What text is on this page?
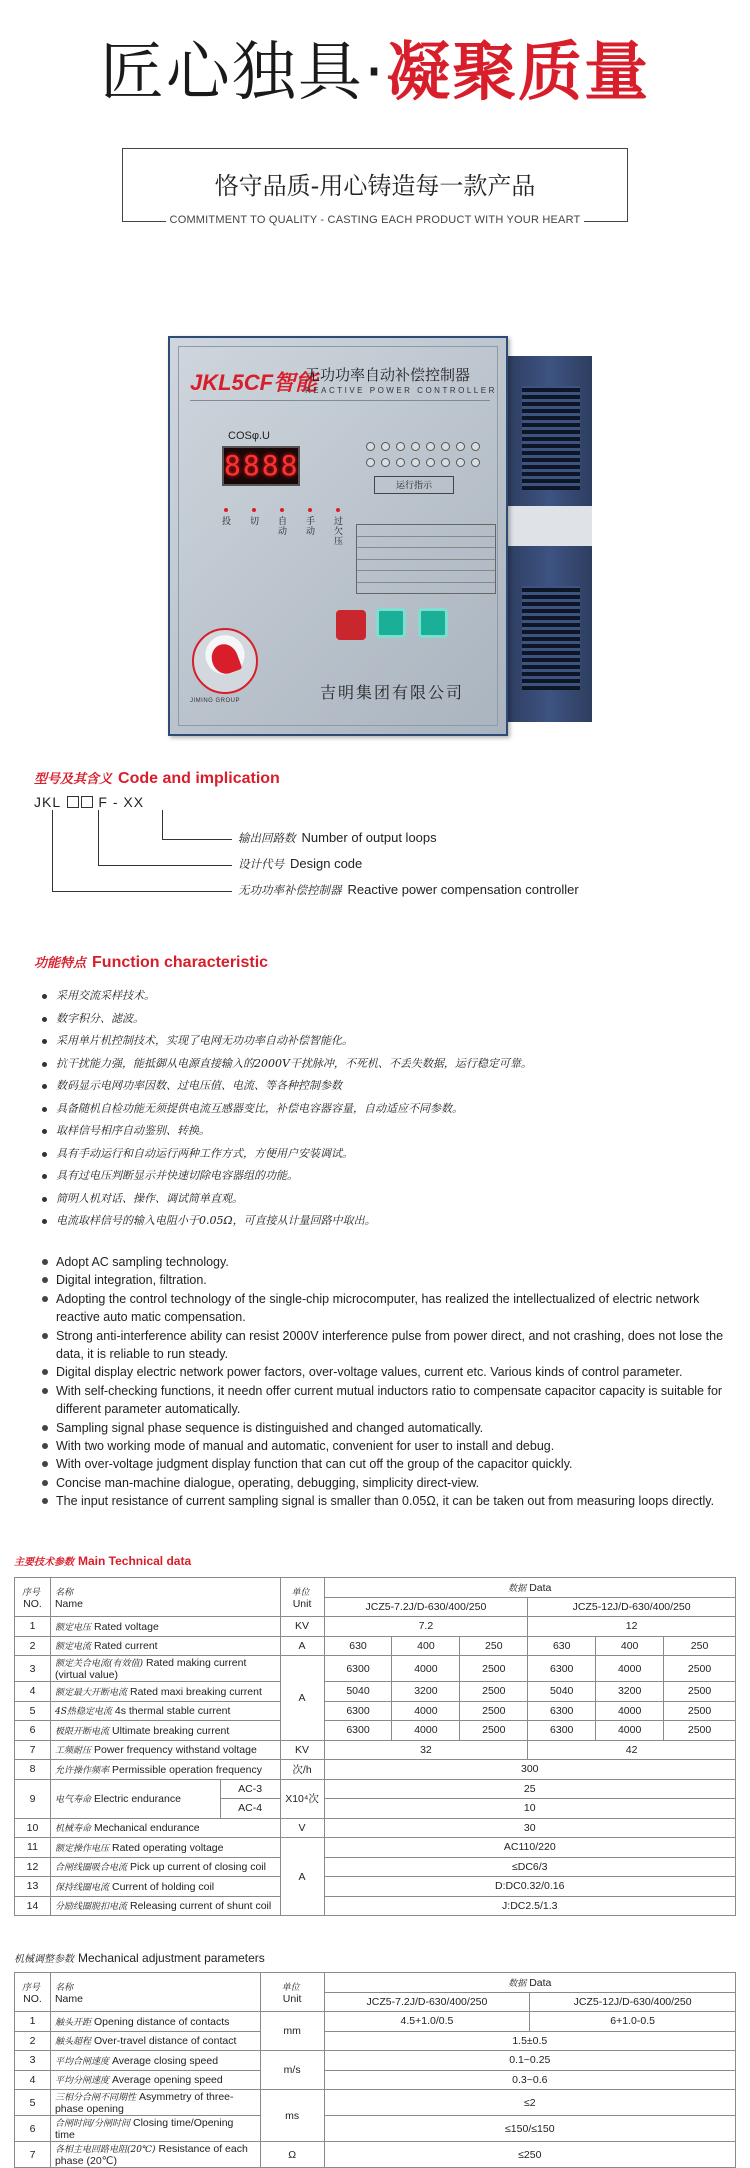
匠心独具·凝聚质量
恪守品质-用心铸造每一款产品
COMMITMENT TO QUALITY - CASTING EACH PRODUCT WITH YOUR HEART
JKL5CF智能
无功功率自动补偿控制器
REACTIVE POWER CONTROLLER
COSφ.U
8888
投 切 自动
手动
过欠压
运行指示
JIMING GROUP	吉明集团有限公司
型号及其含义 Code and implication
JKL	F - XX
输出回路数 Number of output loops
设计代号 Design code
无功功率补偿控制器 Reactive power compensation controller
功能特点 Function characteristic
采用交流采样技术。
数字积分、滤波。
采用单片机控制技术，实现了电网无功功率自动补偿智能化。
抗干扰能力强，能抵御从电源直接输入的2000V干扰脉冲，不死机、不丢失数据，运行稳定可靠。
数码显示电网功率因数、过电压值、电流、等各种控制参数
具备随机自检功能无须提供电流互感器变比，补偿电容器容量，自动适应不同参数。
取样信号相序自动鉴别、转换。
具有手动运行和自动运行两种工作方式，方便用户安装调试。
具有过电压判断显示并快速切除电容器组的功能。
简明人机对话、操作、调试简单直观。
电流取样信号的输入电阻小于0.05Ω，可直接从计量回路中取出。
Adopt AC sampling technology.
Digital integration, filtration.
Adopting the control technology of the single-chip microcomputer, has realized the intellectualized of electric network reactive auto matic compensation.
Strong anti-interference ability can resist 2000V interference pulse from power direct, and not crashing, does not lose the data, it is reliable to run steady.
Digital display electric network power factors, over-voltage values, current etc. Various kinds of control parameter.
With self-checking functions, it needn offer current mutual inductors ratio to compensate capacitor capacity is suitable for different parameter automatically.
Sampling signal phase sequence is distinguished and changed automatically.
With two working mode of manual and automatic, convenient for user to install and debug.
With over-voltage judgment display function that can cut off the group of the capacitor quickly.
Concise man-machine dialogue, operating, debugging, simplicity direct-view.
The input resistance of current sampling signal is smaller than 0.05Ω, it can be taken out from measuring loops directly.
主要技术参数 Main Technical data
序号
NO.	名称
Name		单位
Unit	数据 Data					
				JCZ5-7.2J/D-630/400/250			JCZ5-12J/D-630/400/250		
1	额定电压 Rated voltage		KV	7.2			12		
2	额定电流 Rated current		A	630	400	250	630	400	250
3	额定关合电流(有效值) Rated making current (virtual value)		A	6300	4000	2500	6300	4000	2500
4	额定最大开断电流 Rated maxi breaking current			5040	3200	2500	5040	3200	2500
5	4S热稳定电流 4s thermal stable current			6300	4000	2500	6300	4000	2500
6	极限开断电流 Ultimate breaking current			6300	4000	2500	6300	4000	2500
7	工频耐压 Power frequency withstand voltage		KV	32			42		
8	允许操作频率 Permissible operation frequency		次/h	300					
9	电气寿命 Electric endurance	AC-3	X10⁴次	25					
		AC-4		10					
10	机械寿命 Mechanical endurance		V	30					
11	额定操作电压 Rated operating voltage		A	AC110/220					
12	合闸线圈吸合电流 Pick up current of closing coil			≤DC6/3					
13	保持线圈电流 Current of holding coil			D:DC0.32/0.16					
14	分励线圈脱扣电流 Releasing current of shunt coil			J:DC2.5/1.3					
机械调整参数 Mechanical adjustment parameters
序号
NO.	名称
Name	单位
Unit	数据 Data	
			JCZ5-7.2J/D-630/400/250	JCZ5-12J/D-630/400/250
1	触头开距 Opening distance of contacts	mm	4.5+1.0/0.5	6+1.0-0.5
2	触头超程 Over-travel distance of contact		1.5±0.5	
3	平均合闸速度 Average closing speed	m/s	0.1~0.25	
4	平均分闸速度 Average opening speed		0.3~0.6	
5	三相分合闸不同期性 Asymmetry of three-phase opening	ms	≤2	
6	合闸时间/分闸时间 Closing time/Opening time		≤150/≤150	
7	各相主电回路电阻(20℃) Resistance of each phase (20℃)	Ω	≤250	
